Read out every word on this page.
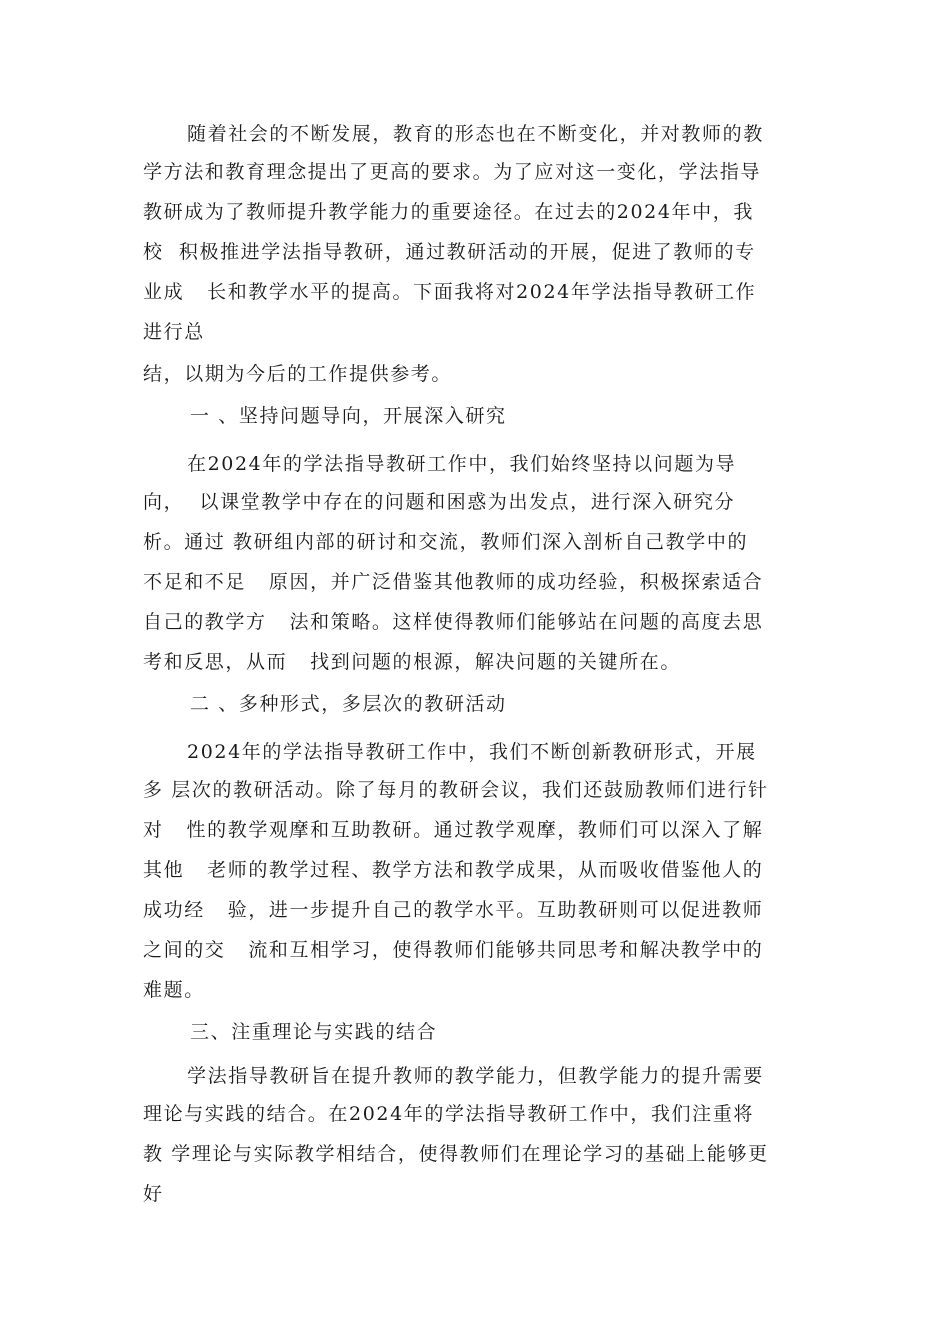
随着社会的不断发展，教育的形态也在不断变化，并对教师的教
学方法和教育理念提出了更高的要求。为了应对这一变化，学法指导
教研成为了教师提升教学能力的重要途径。在过去的2024年中，我
校  积极推进学法指导教研，通过教研活动的开展，促进了教师的专
业成   长和教学水平的提高。下面我将对2024年学法指导教研工作
进行总
结，以期为今后的工作提供参考。
一 、坚持问题导向，开展深入研究
在2024年的学法指导教研工作中，我们始终坚持以问题为导
向，  以课堂教学中存在的问题和困惑为出发点，进行深入研究分
析。通过 教研组内部的研讨和交流，教师们深入剖析自己教学中的
不足和不足   原因，并广泛借鉴其他教师的成功经验，积极探索适合
自己的教学方   法和策略。这样使得教师们能够站在问题的高度去思
考和反思，从而   找到问题的根源，解决问题的关键所在。
二 、多种形式，多层次的教研活动
2024年的学法指导教研工作中，我们不断创新教研形式，开展
多 层次的教研活动。除了每月的教研会议，我们还鼓励教师们进行针
对   性的教学观摩和互助教研。通过教学观摩，教师们可以深入了解
其他   老师的教学过程、教学方法和教学成果，从而吸收借鉴他人的
成功经   验，进一步提升自己的教学水平。互助教研则可以促进教师
之间的交   流和互相学习，使得教师们能够共同思考和解决教学中的
难题。
三、注重理论与实践的结合
学法指导教研旨在提升教师的教学能力，但教学能力的提升需要
理论与实践的结合。在2024年的学法指导教研工作中，我们注重将
教 学理论与实际教学相结合，使得教师们在理论学习的基础上能够更
好
